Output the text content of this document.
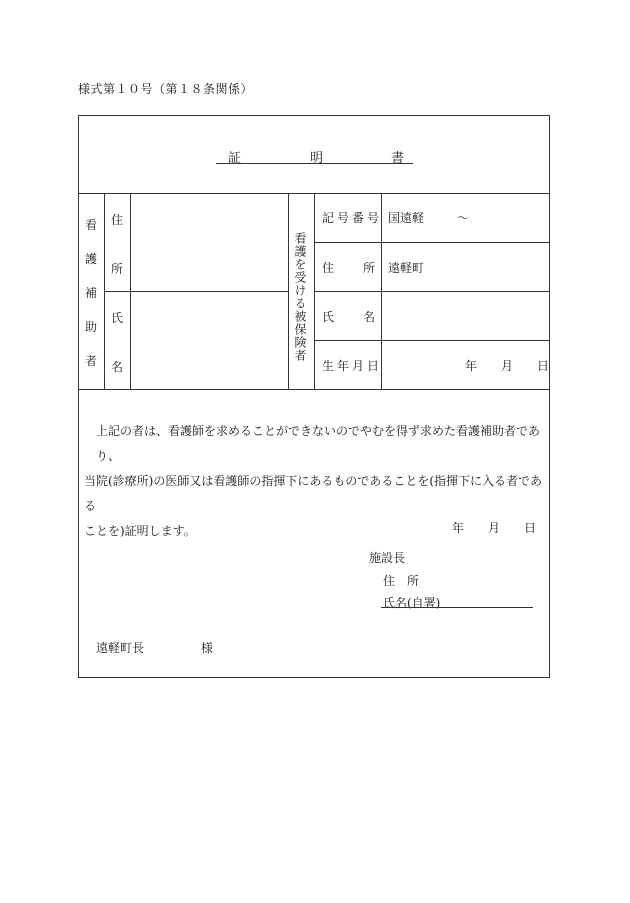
様式第１０号（第１８条関係）
証	明	書
看
護
補
助
者
住
所
氏
名
看護を受ける被保険者
記号番号 国遠軽	～
住 所 遠軽町
氏 名
生年月日	年 月 日

上記の者は、看護師を求めることができないのでやむを得ず求めた看護補助者であり、

当院(診療所)の医師又は看護師の指揮下にあるものであることを(指揮下に入る者である

ことを)証明します。	年 月 日
施設長
住 所
氏名(自署)
遠軽町長	様
